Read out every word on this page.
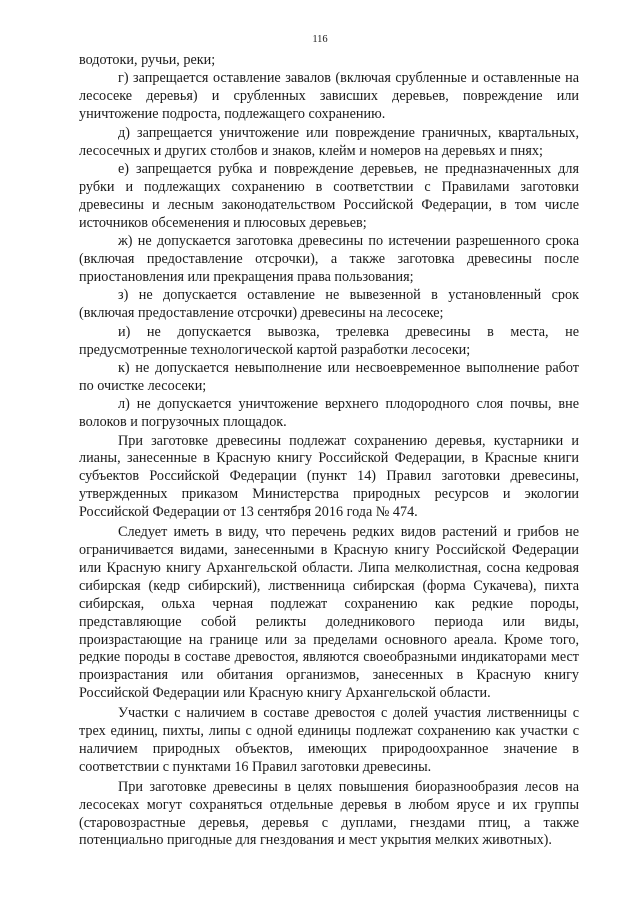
116

водотоки, ручьи, реки;

г) запрещается оставление завалов (включая срубленные и оставленные на лесосеке деревья) и срубленных зависших деревьев, повреждение или уничтожение подроста, подлежащего сохранению.

д) запрещается уничтожение или повреждение граничных, квартальных, лесосечных и других столбов и знаков, клейм и номеров на деревьях и пнях;

е) запрещается рубка и повреждение деревьев, не предназначенных для рубки и подлежащих сохранению в соответствии с Правилами заготовки древесины и лесным законодательством Российской Федерации, в том числе источников обсеменения и плюсовых деревьев;

ж) не допускается заготовка древесины по истечении разрешенного срока (включая предоставление отсрочки), а также заготовка древесины после приостановления или прекращения права пользования;

з) не допускается оставление не вывезенной в установленный срок (включая предоставление отсрочки) древесины на лесосеке;

и) не допускается вывозка, трелевка древесины в места, не предусмотренные технологической картой разработки лесосеки;

к) не допускается невыполнение или несвоевременное выполнение работ по очистке лесосеки;

л) не допускается уничтожение верхнего плодородного слоя почвы, вне волоков и погрузочных площадок.

При заготовке древесины подлежат сохранению деревья, кустарники и лианы, занесенные в Красную книгу Российской Федерации, в Красные книги субъектов Российской Федерации (пункт 14) Правил заготовки древесины, утвержденных приказом Министерства природных ресурсов и экологии Российской Федерации от 13 сентября 2016 года № 474.

Следует иметь в виду, что перечень редких видов растений и грибов не ограничивается видами, занесенными в Красную книгу Российской Федерации или Красную книгу Архангельской области. Липа мелколистная, сосна кедровая сибирская (кедр сибирский), лиственница сибирская (форма Сукачева), пихта сибирская, ольха черная подлежат сохранению как редкие породы, представляющие собой реликты доледникового периода или виды, произрастающие на границе или за пределами основного ареала. Кроме того, редкие породы в составе древостоя, являются своеобразными индикаторами мест произрастания или обитания организмов, занесенных в Красную книгу Российской Федерации или Красную книгу Архангельской области.

Участки с наличием в составе древостоя с долей участия лиственницы с трех единиц, пихты, липы с одной единицы подлежат сохранению как участки с наличием природных объектов, имеющих природоохранное значение в соответствии с пунктами 16 Правил заготовки древесины.

При заготовке древесины в целях повышения биоразнообразия лесов на лесосеках могут сохраняться отдельные деревья в любом ярусе и их группы (старовозрастные деревья, деревья с дуплами, гнездами птиц, а также потенциально пригодные для гнездования и мест укрытия мелких животных).
